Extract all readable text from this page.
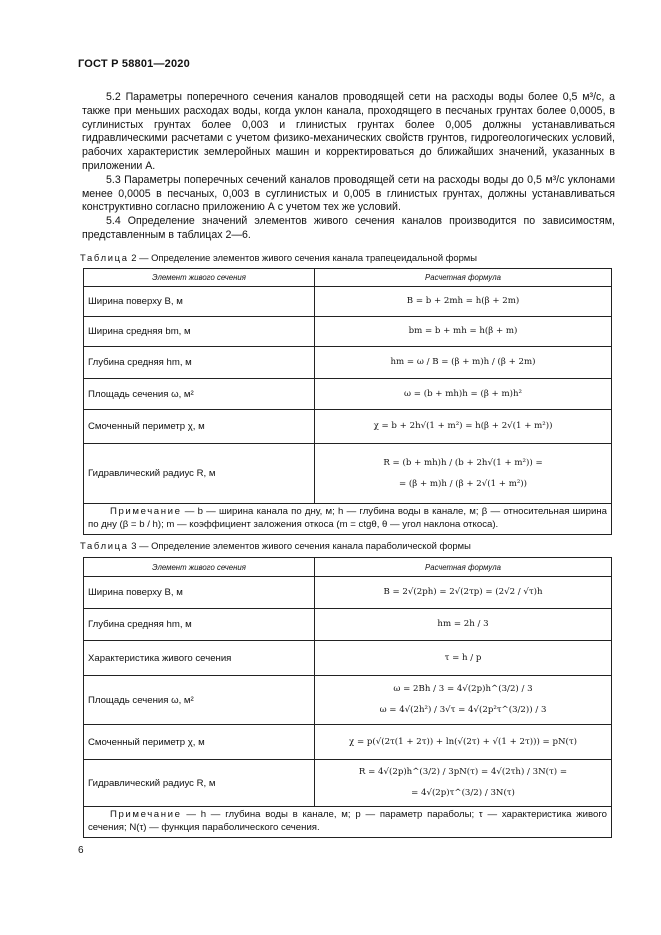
ГОСТ Р 58801—2020

5.2 Параметры поперечного сечения каналов проводящей сети на расходы воды более 0,5 м³/с, а также при меньших расходах воды, когда уклон канала, проходящего в песчаных грунтах более 0,0005, в суглинистых грунтах более 0,003 и глинистых грунтах более 0,005 должны устанавливаться гидравлическими расчетами с учетом физико-механических свойств грунтов, гидрогеологических условий, рабочих характеристик землеройных машин и корректироваться до ближайших значений, указанных в приложении А.

5.3 Параметры поперечных сечений каналов проводящей сети на расходы воды до 0,5 м³/с уклонами менее 0,0005 в песчаных, 0,003 в суглинистых и 0,005 в глинистых грунтах, должны устанавливаться конструктивно согласно приложению А с учетом тех же условий.

5.4 Определение значений элементов живого сечения каналов производится по зависимостям, представленным в таблицах 2—6.

Таблица 2 — Определение элементов живого сечения канала трапецеидальной формы
Элемент живого сечения	Расчетная формула
Ширина поверху B, м	B = b + 2mh = h(β + 2m)

Ширина средняя bm, м	bm = b + mh = h(β + m)

Глубина средняя hm, м	hm = ω / B = (β + m)h / (β + 2m)

Площадь сечения ω, м²	ω = (b + mh)h = (β + m)h²

Смоченный периметр χ, м	χ = b + 2h√(1 + m²) = h(β + 2√(1 + m²))

Гидравлический радиус R, м	R = (b + mh)h / (b + 2h√(1 + m²)) =
= (β + m)h / (β + 2√(1 + m²))

Примечание — b — ширина канала по дну, м; h — глубина воды в канале, м; β — относительная ширина по дну (β = b / h); m — коэффициент заложения откоса (m = ctgθ, θ — угол наклона откоса).	
Таблица 3 — Определение элементов живого сечения канала параболической формы
Элемент живого сечения	Расчетная формула
Ширина поверху B, м	B = 2√(2ph) = 2√(2τp) = (2√2 / √τ)h

Глубина средняя hm, м	hm = 2h / 3

Характеристика живого сечения	τ = h / p

Площадь сечения ω, м²	ω = 2Bh / 3 = 4√(2p)h^(3/2) / 3
ω = 4√(2h²) / 3√τ = 4√(2p²τ^(3/2)) / 3

Смоченный периметр χ, м	χ = p(√(2τ(1 + 2τ)) + ln(√(2τ) + √(1 + 2τ))) = pN(τ)

Гидравлический радиус R, м	R = 4√(2p)h^(3/2) / 3pN(τ) = 4√(2τh) / 3N(τ) =
= 4√(2p)τ^(3/2) / 3N(τ)

Примечание — h — глубина воды в канале, м; p — параметр параболы; τ — характеристика живого сечения; N(τ) — функция параболического сечения.	
6
